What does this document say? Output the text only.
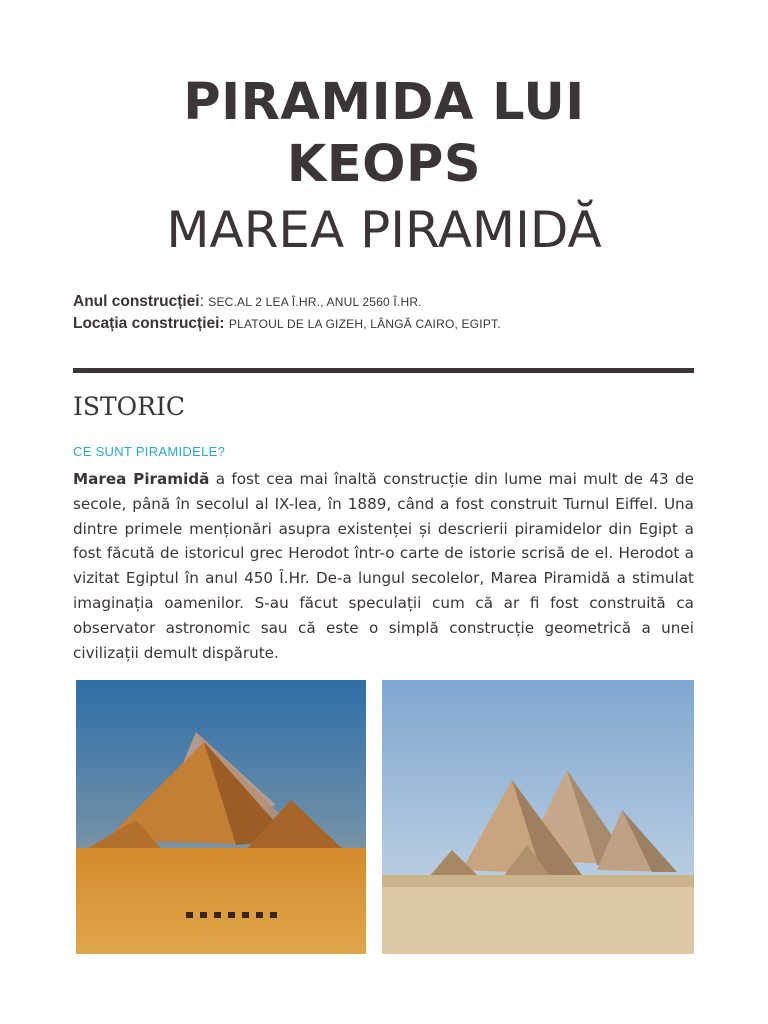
PIRAMIDA LUI
KEOPS
MAREA PIRAMIDĂ
Anul construcției: SEC.AL 2 LEA Î.HR., ANUL 2560 Î.HR.
Locația construcției: PLATOUL DE LA GIZEH, LÂNGĂ CAIRO, EGIPT.
ISTORIC
CE SUNT PIRAMIDELE?
Marea Piramidă a fost cea mai înaltă construcție din lume mai mult de 43 de secole, până în secolul al IX-lea, în 1889, când a fost construit Turnul Eiffel. Una dintre primele menționări asupra existenței și descrierii piramidelor din Egipt a fost făcută de istoricul grec Herodot într-o carte de istorie scrisă de el. Herodot a vizitat Egiptul în anul 450 Î.Hr. De-a lungul secolelor, Marea Piramidă a stimulat imaginația oamenilor. S-au făcut speculații cum că ar fi fost construită ca observator astronomic sau că este o simplă construcție geometrică a unei civilizații demult dispărute.
